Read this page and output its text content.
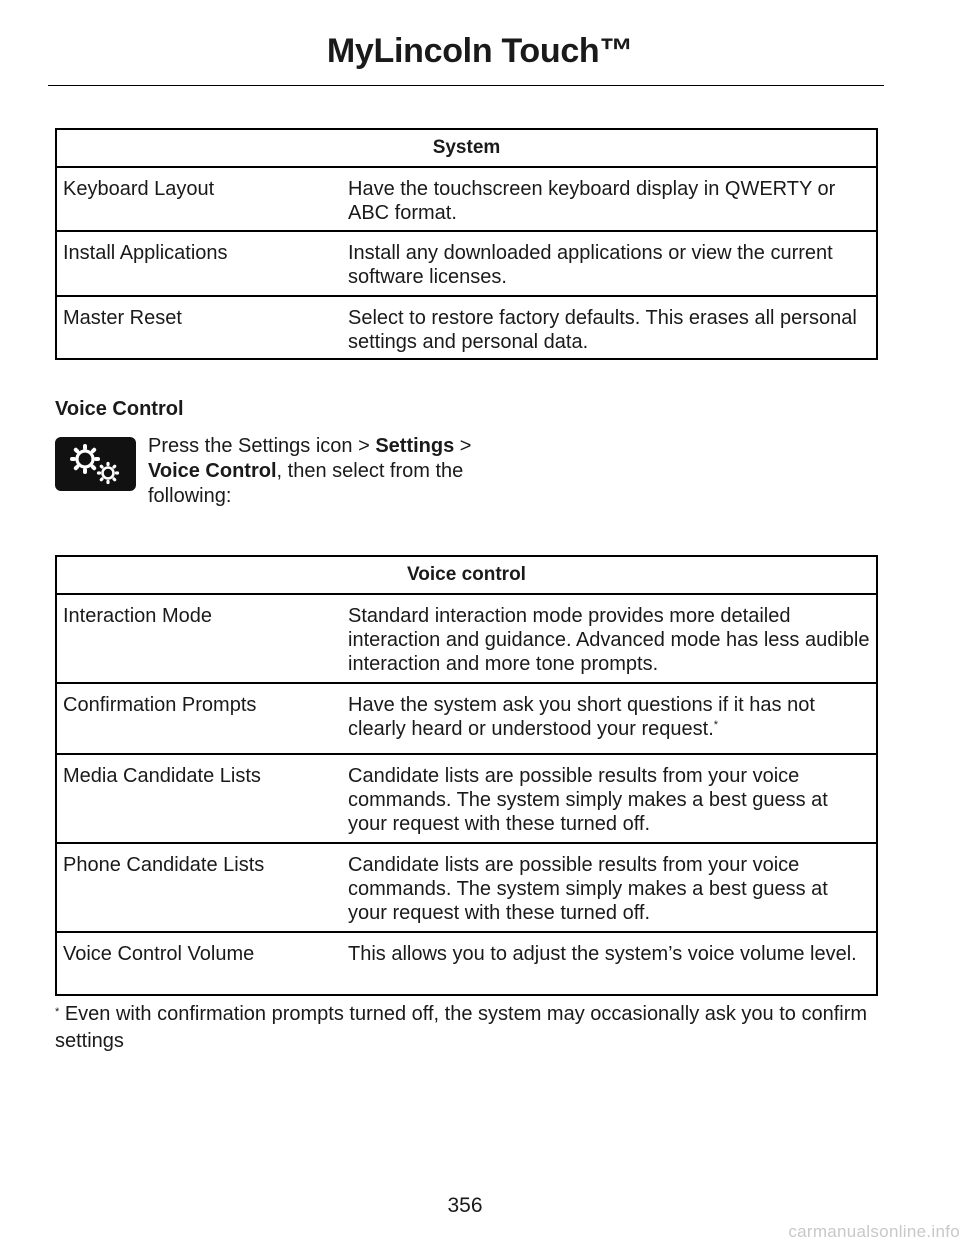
MyLincoln Touch™
System	
Keyboard Layout	Have the touchscreen keyboard display in QWERTY or ABC format.
Install Applications	Install any downloaded applications or view the current software licenses.
Master Reset	Select to restore factory defaults. This erases all personal settings and personal data.
Voice Control
Press the Settings icon > Settings > Voice Control, then select from the following:
Voice control	
Interaction Mode	Standard interaction mode provides more detailed interaction and guidance. Advanced mode has less audible interaction and more tone prompts.
Confirmation Prompts	Have the system ask you short questions if it has not clearly heard or understood your request.*
Media Candidate Lists	Candidate lists are possible results from your voice commands. The system simply makes a best guess at your request with these turned off.
Phone Candidate Lists	Candidate lists are possible results from your voice commands. The system simply makes a best guess at your request with these turned off.
Voice Control Volume	This allows you to adjust the system’s voice volume level.
* Even with confirmation prompts turned off, the system may occasionally ask you to confirm settings
356
carmanualsonline.info
